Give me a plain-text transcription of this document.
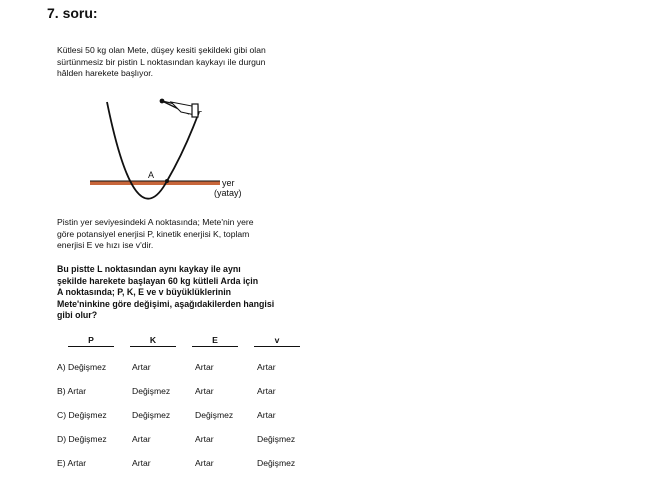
7. soru:
Kütlesi 50 kg olan Mete, düşey kesiti şekildeki gibi olan
sürtünmesiz bir pistin L noktasından kaykayı ile durgun
hâlden harekete başlıyor.
L
A
yer
(yatay)
Pistin yer seviyesindeki A noktasında; Mete'nin yere
göre potansiyel enerjisi P, kinetik enerjisi K, toplam
enerjisi E ve hızı ise v'dir.
Bu pistte L noktasından aynı kaykay ile aynı
şekilde harekete başlayan 60 kg kütleli Arda için
A noktasında; P, K, E ve v büyüklüklerinin
Mete'ninkine göre değişimi, aşağıdakilerden hangisi
gibi olur?
P	K	E	v
A) Değişmez	Artar	Artar	Artar
B) Artar	Değişmez	Artar	Artar
C) Değişmez	Değişmez	Değişmez	Artar
D) Değişmez	Artar	Artar	Değişmez
E) Artar	Artar	Artar	Değişmez
